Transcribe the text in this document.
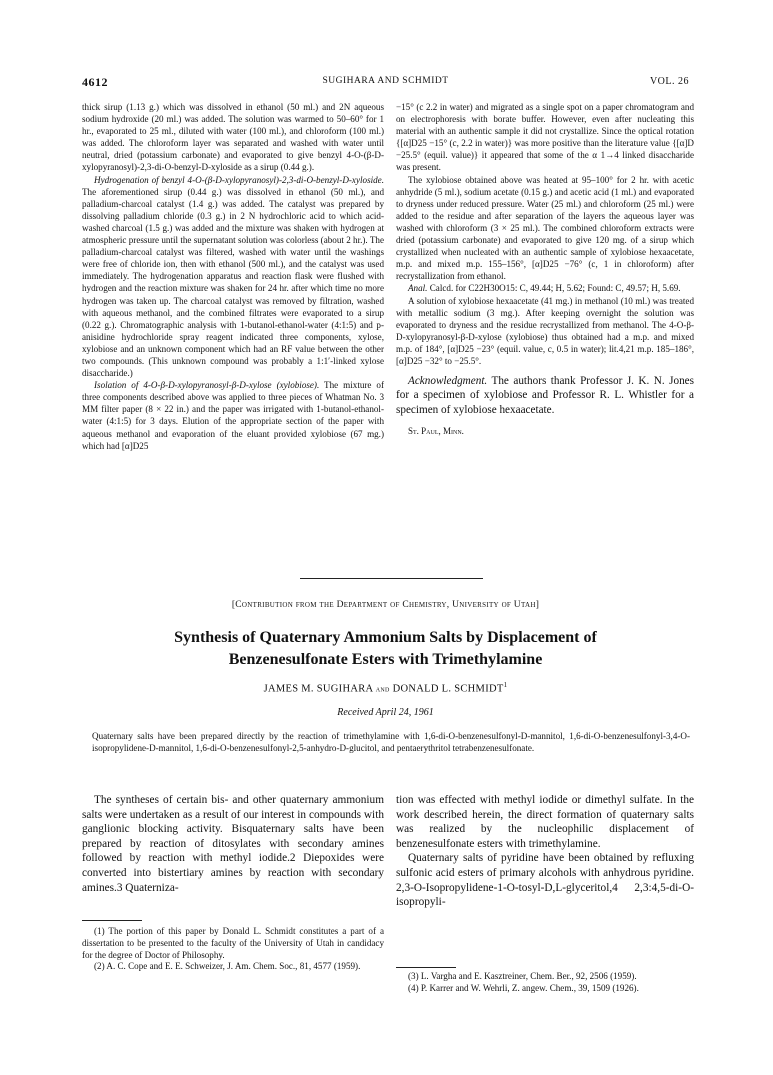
4612	SUGIHARA AND SCHMIDT	VOL. 26

thick sirup (1.13 g.) which was dissolved in ethanol (50 ml.) and 2N aqueous sodium hydroxide (20 ml.) was added. The solution was warmed to 50–60° for 1 hr., evaporated to 25 ml., diluted with water (100 ml.), and chloroform (100 ml.) was added. The chloroform layer was separated and washed with water until neutral, dried (potassium carbonate) and evaporated to give benzyl 4-O-(β-D-xylopyranosyl)-2,3-di-O-benzyl-D-xyloside as a sirup (0.44 g.).

Hydrogenation of benzyl 4-O-(β-D-xylopyranosyl)-2,3-di-O-benzyl-D-xyloside. The aforementioned sirup (0.44 g.) was dissolved in ethanol (50 ml.), and palladium-charcoal catalyst (1.4 g.) was added. The catalyst was prepared by dissolving palladium chloride (0.3 g.) in 2 N hydrochloric acid to which acid-washed charcoal (1.5 g.) was added and the mixture was shaken with hydrogen at atmospheric pressure until the supernatant solution was colorless (about 2 hr.). The palladium-charcoal catalyst was filtered, washed with water until the washings were free of chloride ion, then with ethanol (500 ml.), and the catalyst was used immediately. The hydrogenation apparatus and reaction flask were flushed with hydrogen and the reaction mixture was shaken for 24 hr. after which time no more hydrogen was taken up. The charcoal catalyst was removed by filtration, washed with aqueous methanol, and the combined filtrates were evaporated to a sirup (0.22 g.). Chromatographic analysis with 1-butanol-ethanol-water (4:1:5) and p-anisidine hydrochloride spray reagent indicated three components, xylose, xylobiose and an unknown component which had an RF value between the other two compounds. (This unknown compound was probably a 1:1′-linked xylose disaccharide.)

Isolation of 4-O-β-D-xylopyranosyl-β-D-xylose (xylobiose). The mixture of three components described above was applied to three pieces of Whatman No. 3 MM filter paper (8 × 22 in.) and the paper was irrigated with 1-butanol-ethanol-water (4:1:5) for 3 days. Elution of the appropriate section of the paper with aqueous methanol and evaporation of the eluant provided xylobiose (67 mg.) which had [α]D25

−15° (c 2.2 in water) and migrated as a single spot on a paper chromatogram and on electrophoresis with borate buffer. However, even after nucleating this material with an authentic sample it did not crystallize. Since the optical rotation {[α]D25 −15° (c, 2.2 in water)} was more positive than the literature value {[α]D −25.5° (equil. value)} it appeared that some of the α 1→4 linked disaccharide was present.

The xylobiose obtained above was heated at 95–100° for 2 hr. with acetic anhydride (5 ml.), sodium acetate (0.15 g.) and acetic acid (1 ml.) and evaporated to dryness under reduced pressure. Water (25 ml.) and chloroform (25 ml.) were added to the residue and after separation of the layers the aqueous layer was washed with chloroform (3 × 25 ml.). The combined chloroform extracts were dried (potassium carbonate) and evaporated to give 120 mg. of a sirup which crystallized when nucleated with an authentic sample of xylobiose hexaacetate, m.p. and mixed m.p. 155–156°, [α]D25 −76° (c, 1 in chloroform) after recrystallization from ethanol.

Anal. Calcd. for C22H30O15: C, 49.44; H, 5.62; Found: C, 49.57; H, 5.69.

A solution of xylobiose hexaacetate (41 mg.) in methanol (10 ml.) was treated with metallic sodium (3 mg.). After keeping overnight the solution was evaporated to dryness and the residue recrystallized from methanol. The 4-O-β-D-xylopyranosyl-β-D-xylose (xylobiose) thus obtained had a m.p. and mixed m.p. of 184°, [α]D25 −23° (equil. value, c, 0.5 in water); lit.4,21 m.p. 185–186°, [α]D25 −32° to −25.5°.

Acknowledgment. The authors thank Professor J. K. N. Jones for a specimen of xylobiose and Professor R. L. Whistler for a specimen of xylobiose hexaacetate.

St. Paul, Minn.

[Contribution from the Department of Chemistry, University of Utah]
Synthesis of Quaternary Ammonium Salts by Displacement of
Benzenesulfonate Esters with Trimethylamine
JAMES M. SUGIHARA and DONALD L. SCHMIDT$^1$
Received April 24, 1961
Quaternary salts have been prepared directly by the reaction of trimethylamine with 1,6-di-O-benzenesulfonyl-D-mannitol, 1,6-di-O-benzenesulfonyl-3,4-O-isopropylidene-D-mannitol, 1,6-di-O-benzenesulfonyl-2,5-anhydro-D-glucitol, and pentaerythritol tetrabenzenesulfonate.

The syntheses of certain bis- and other quaternary ammonium salts were undertaken as a result of our interest in compounds with ganglionic blocking activity. Bisquaternary salts have been prepared by reaction of ditosylates with secondary amines followed by reaction with methyl iodide.2 Diepoxides were converted into bistertiary amines by reaction with secondary amines.3 Quaterniza-

tion was effected with methyl iodide or dimethyl sulfate. In the work described herein, the direct formation of quaternary salts was realized by the nucleophilic displacement of benzenesulfonate esters with trimethylamine.

Quaternary salts of pyridine have been obtained by refluxing sulfonic acid esters of primary alcohols with anhydrous pyridine. 2,3-O-Isopropylidene-1-O-tosyl-D,L-glyceritol,4 2,3:4,5-di-O-isopropyli-

(1) The portion of this paper by Donald L. Schmidt constitutes a part of a dissertation to be presented to the faculty of the University of Utah in candidacy for the degree of Doctor of Philosophy.

(2) A. C. Cope and E. E. Schweizer, J. Am. Chem. Soc., 81, 4577 (1959).

(3) L. Vargha and E. Kasztreiner, Chem. Ber., 92, 2506 (1959).

(4) P. Karrer and W. Wehrli, Z. angew. Chem., 39, 1509 (1926).
